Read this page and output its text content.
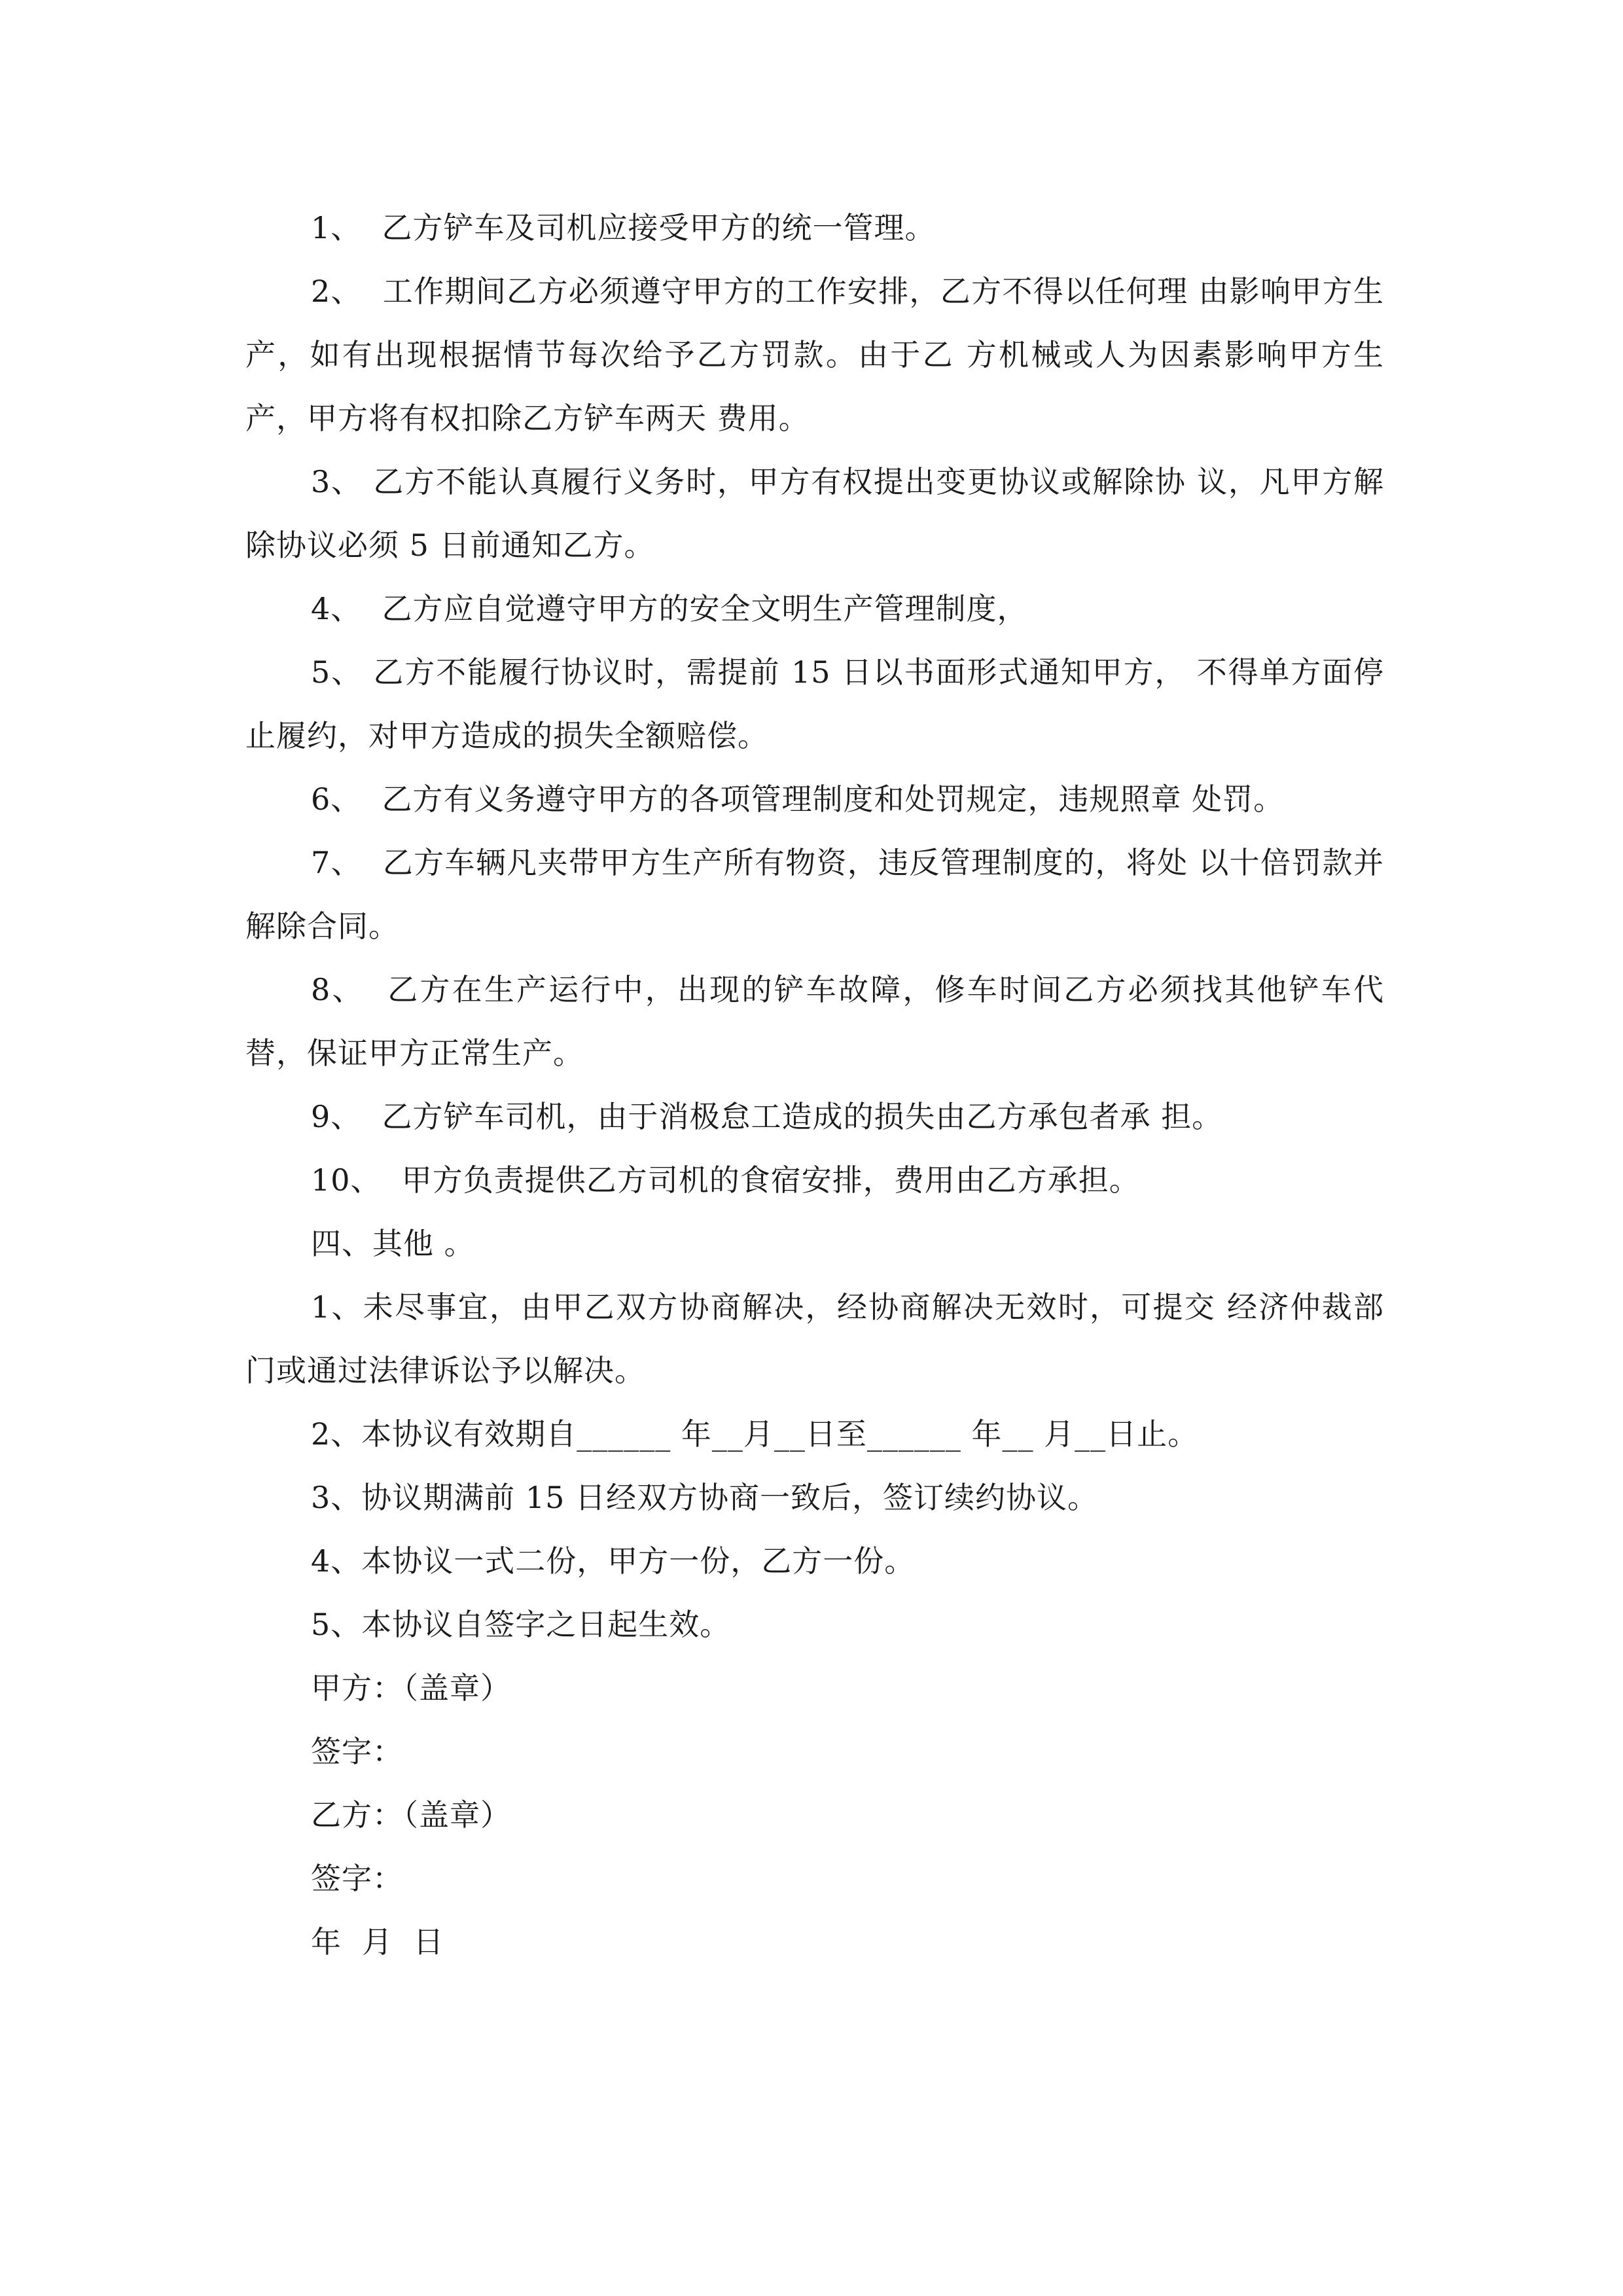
1、  乙方铲车及司机应接受甲方的统一管理。

2、  工作期间乙方必须遵守甲方的工作安排，乙方不得以任何理 由影响甲方生产，如有出现根据情节每次给予乙方罚款。由于乙 方机械或人为因素影响甲方生产，甲方将有权扣除乙方铲车两天 费用。

3、 乙方不能认真履行义务时，甲方有权提出变更协议或解除协 议，凡甲方解除协议必须 5 日前通知乙方。

4、  乙方应自觉遵守甲方的安全文明生产管理制度，

5、 乙方不能履行协议时，需提前 15 日以书面形式通知甲方， 不得单方面停止履约，对甲方造成的损失全额赔偿。

6、  乙方有义务遵守甲方的各项管理制度和处罚规定，违规照章 处罚。

7、  乙方车辆凡夹带甲方生产所有物资，违反管理制度的，将处 以十倍罚款并解除合同。

8、  乙方在生产运行中，出现的铲车故障，修车时间乙方必须找其他铲车代替，保证甲方正常生产。

9、  乙方铲车司机，由于消极怠工造成的损失由乙方承包者承 担。

10、  甲方负责提供乙方司机的食宿安排，费用由乙方承担。

四、其他 。

1、未尽事宜，由甲乙双方协商解决，经协商解决无效时，可提交 经济仲裁部门或通过法律诉讼予以解决。

2、本协议有效期自______ 年__月__日至______ 年__ 月__日止。

3、协议期满前 15 日经双方协商一致后，签订续约协议。

4、本协议一式二份，甲方一份，乙方一份。

5、本协议自签字之日起生效。

甲方：（盖章）

签字：

乙方：（盖章）

签字：

年  月  日
